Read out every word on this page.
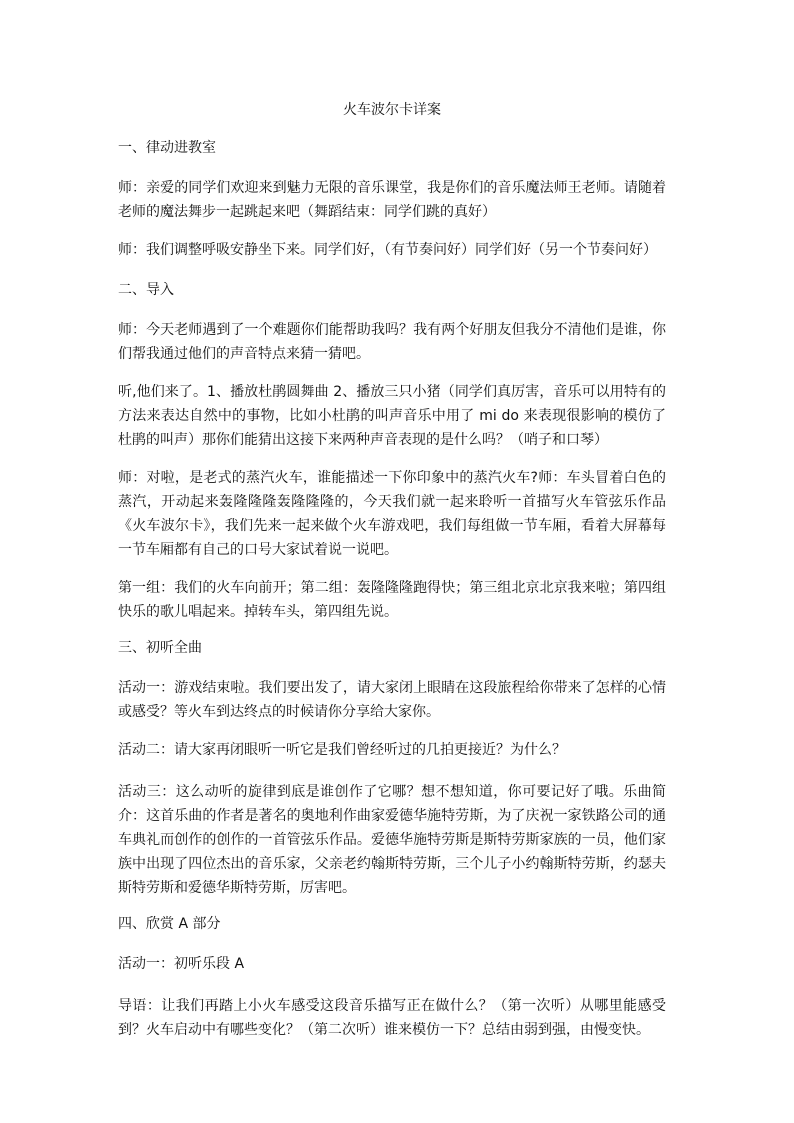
火车波尔卡详案
一、律动进教室

师：亲爱的同学们欢迎来到魅力无限的音乐课堂，我是你们的音乐魔法师王老师。请随着老师的魔法舞步一起跳起来吧（舞蹈结束：同学们跳的真好）

师：我们调整呼吸安静坐下来。同学们好，（有节奏问好）同学们好（另一个节奏问好）

二、导入

师：今天老师遇到了一个难题你们能帮助我吗？我有两个好朋友但我分不清他们是谁，你们帮我通过他们的声音特点来猜一猜吧。

听,他们来了。1、播放杜鹃圆舞曲 2、播放三只小猪（同学们真厉害，音乐可以用特有的方法来表达自然中的事物，比如小杜鹃的叫声音乐中用了 mi do 来表现很影响的模仿了杜鹃的叫声）那你们能猜出这接下来两种声音表现的是什么吗？（哨子和口琴）

师：对啦，是老式的蒸汽火车，谁能描述一下你印象中的蒸汽火车?师：车头冒着白色的蒸汽，开动起来轰隆隆隆轰隆隆隆的，今天我们就一起来聆听一首描写火车管弦乐作品《火车波尔卡》，我们先来一起来做个火车游戏吧，我们每组做一节车厢，看着大屏幕每一节车厢都有自己的口号大家试着说一说吧。

第一组：我们的火车向前开；第二组：轰隆隆隆跑得快；第三组北京北京我来啦；第四组快乐的歌儿唱起来。掉转车头，第四组先说。

三、初听全曲

活动一：游戏结束啦。我们要出发了，请大家闭上眼睛在这段旅程给你带来了怎样的心情或感受？等火车到达终点的时候请你分享给大家你。

活动二：请大家再闭眼听一听它是我们曾经听过的几拍更接近？为什么？

活动三：这么动听的旋律到底是谁创作了它哪？想不想知道，你可要记好了哦。乐曲简介：这首乐曲的作者是著名的奥地利作曲家爱德华施特劳斯，为了庆祝一家铁路公司的通车典礼而创作的创作的一首管弦乐作品。爱德华施特劳斯是斯特劳斯家族的一员，他们家族中出现了四位杰出的音乐家，父亲老约翰斯特劳斯，三个儿子小约翰斯特劳斯，约瑟夫斯特劳斯和爱德华斯特劳斯，厉害吧。

四、欣赏 A 部分

活动一：初听乐段 A

导语：让我们再踏上小火车感受这段音乐描写正在做什么？（第一次听）从哪里能感受到？火车启动中有哪些变化？（第二次听）谁来模仿一下？总结由弱到强，由慢变快。
